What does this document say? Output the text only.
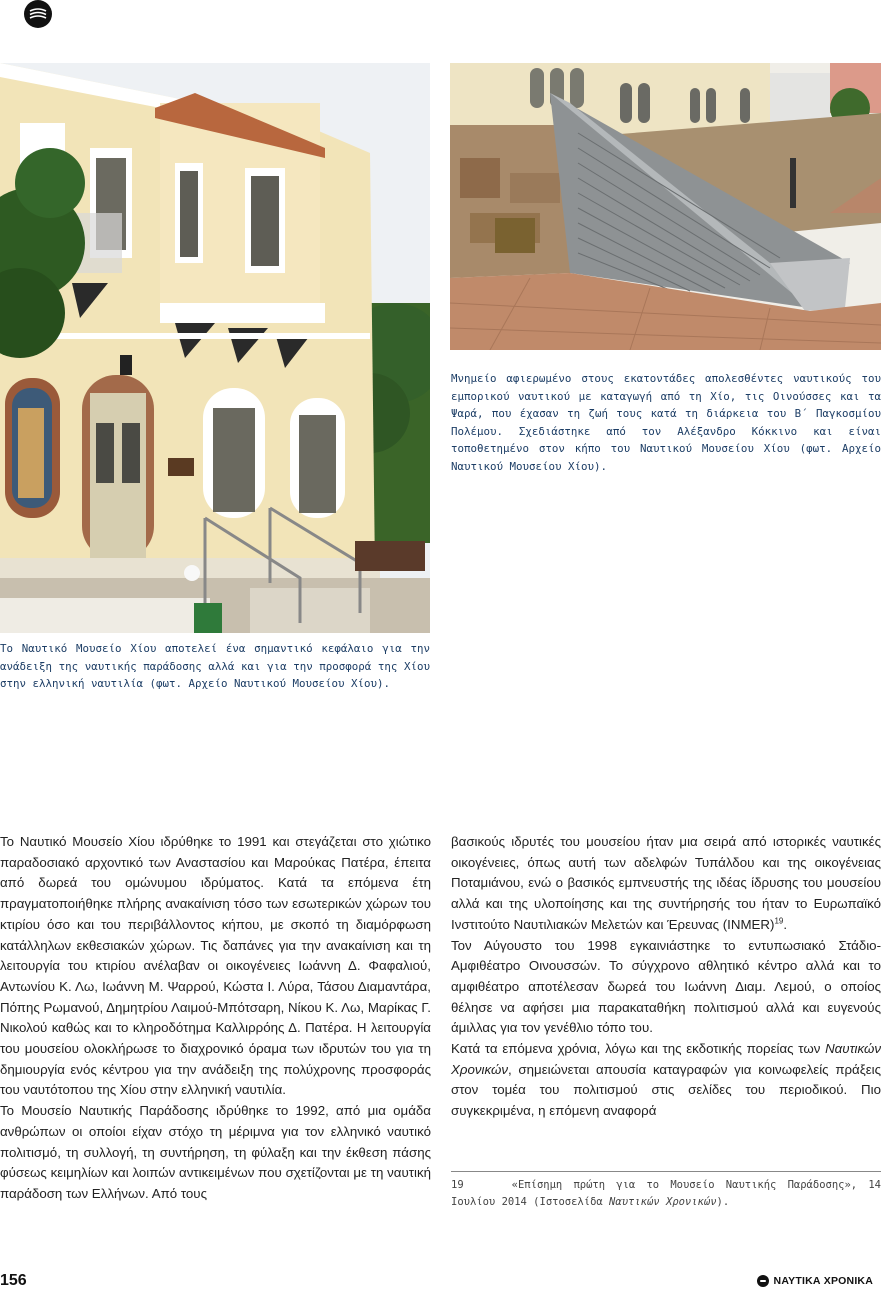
Μνημείο αφιερωμένο στους εκατοντάδες απολεσθέντες ναυτικούς του εμπορικού ναυτικού με καταγωγή από τη Χίο, τις Οινούσσες και τα Ψαρά, που έχασαν τη ζωή τους κατά τη διάρκεια του Β΄ Παγκοσμίου Πολέμου. Σχεδιάστηκε από τον Αλέξανδρο Κόκκινο και είναι τοποθετημένο στον κήπο του Ναυτικού Μουσείου Χίου (φωτ. Αρχείο Ναυτικού Μουσείου Χίου).

Το Ναυτικό Μουσείο Χίου αποτελεί ένα σημαντικό κεφάλαιο για την ανάδειξη της ναυτικής παράδοσης αλλά και για την προσφορά της Χίου στην ελληνική ναυτιλία (φωτ. Αρχείο Ναυτικού Μουσείου Χίου).

Το Ναυτικό Μουσείο Χίου ιδρύθηκε το 1991 και στεγάζεται στο χιώτικο παραδοσιακό αρχοντικό των Αναστασίου και Μαρούκας Πατέρα, έπειτα από δωρεά του ομώνυμου ιδρύματος. Κατά τα επόμενα έτη πραγματοποιήθηκε πλήρης ανακαίνιση τόσο των εσωτερικών χώρων του κτιρίου όσο και του περιβάλλοντος κήπου, με σκοπό τη διαμόρφωση κατάλληλων εκθεσιακών χώρων. Τις δαπάνες για την ανακαίνιση και τη λειτουργία του κτιρίου ανέλαβαν οι οικογένειες Ιωάννη Δ. Φαφαλιού, Αντωνίου Κ. Λω, Ιωάννη Μ. Ψαρρού, Κώστα Ι. Λύρα, Τάσου Διαμαντάρα, Πόπης Ρωμανού, Δημητρίου Λαιμού-Μπότσαρη, Νίκου Κ. Λω, Μαρίκας Γ. Νικολού καθώς και το κληροδότημα Καλλιρρόης Δ. Πατέρα. Η λειτουργία του μουσείου ολοκλήρωσε το διαχρονικό όραμα των ιδρυτών του για τη δημιουργία ενός κέντρου για την ανάδειξη της πολύχρονης προσφοράς του ναυτότοπου της Χίου στην ελληνική ναυτιλία.

Το Μουσείο Ναυτικής Παράδοσης ιδρύθηκε το 1992, από μια ομάδα ανθρώπων οι οποίοι είχαν στόχο τη μέριμνα για τον ελληνικό ναυτικό πολιτισμό, τη συλλογή, τη συντήρηση, τη φύλαξη και την έκθεση πάσης φύσεως κειμηλίων και λοιπών αντικειμένων που σχετίζονται με τη ναυτική παράδοση των Ελλήνων. Από τους

βασικούς ιδρυτές του μουσείου ήταν μια σειρά από ιστορικές ναυτικές οικογένειες, όπως αυτή των αδελφών Τυπάλδου και της οικογένειας Ποταμιάνου, ενώ ο βασικός εμπνευστής της ιδέας ίδρυσης του μουσείου αλλά και της υλοποίησης και της συντήρησής του ήταν το Ευρωπαϊκό Ινστιτούτο Ναυτιλιακών Μελετών και Έρευνας (INMER)$^{19}$.

Τον Αύγουστο του 1998 εγκαινιάστηκε το εντυπωσιακό Στάδιο-Αμφιθέατρο Οινουσσών. Το σύγχρονο αθλητικό κέντρο αλλά και το αμφιθέατρο αποτέλεσαν δωρεά του Ιωάννη Διαμ. Λεμού, ο οποίος θέλησε να αφήσει μια παρακαταθήκη πολιτισμού αλλά και ευγενούς άμιλλας για τον γενέθλιο τόπο του.

Κατά τα επόμενα χρόνια, λόγω και της εκδοτικής πορείας των Ναυτικών Χρονικών, σημειώνεται απουσία καταγραφών για κοινωφελείς πράξεις στον τομέα του πολιτισμού στις σελίδες του περιοδικού. Πιο συγκεκριμένα, η επόμενη αναφορά

19	«Επίσημη πρώτη για το Μουσείο Ναυτικής Παράδοσης», 14 Ιουλίου 2014 (Ιστοσελίδα Ναυτικών Χρονικών).

156	ΝΑΥΤΙΚΑ ΧΡΟΝΙΚΑ
